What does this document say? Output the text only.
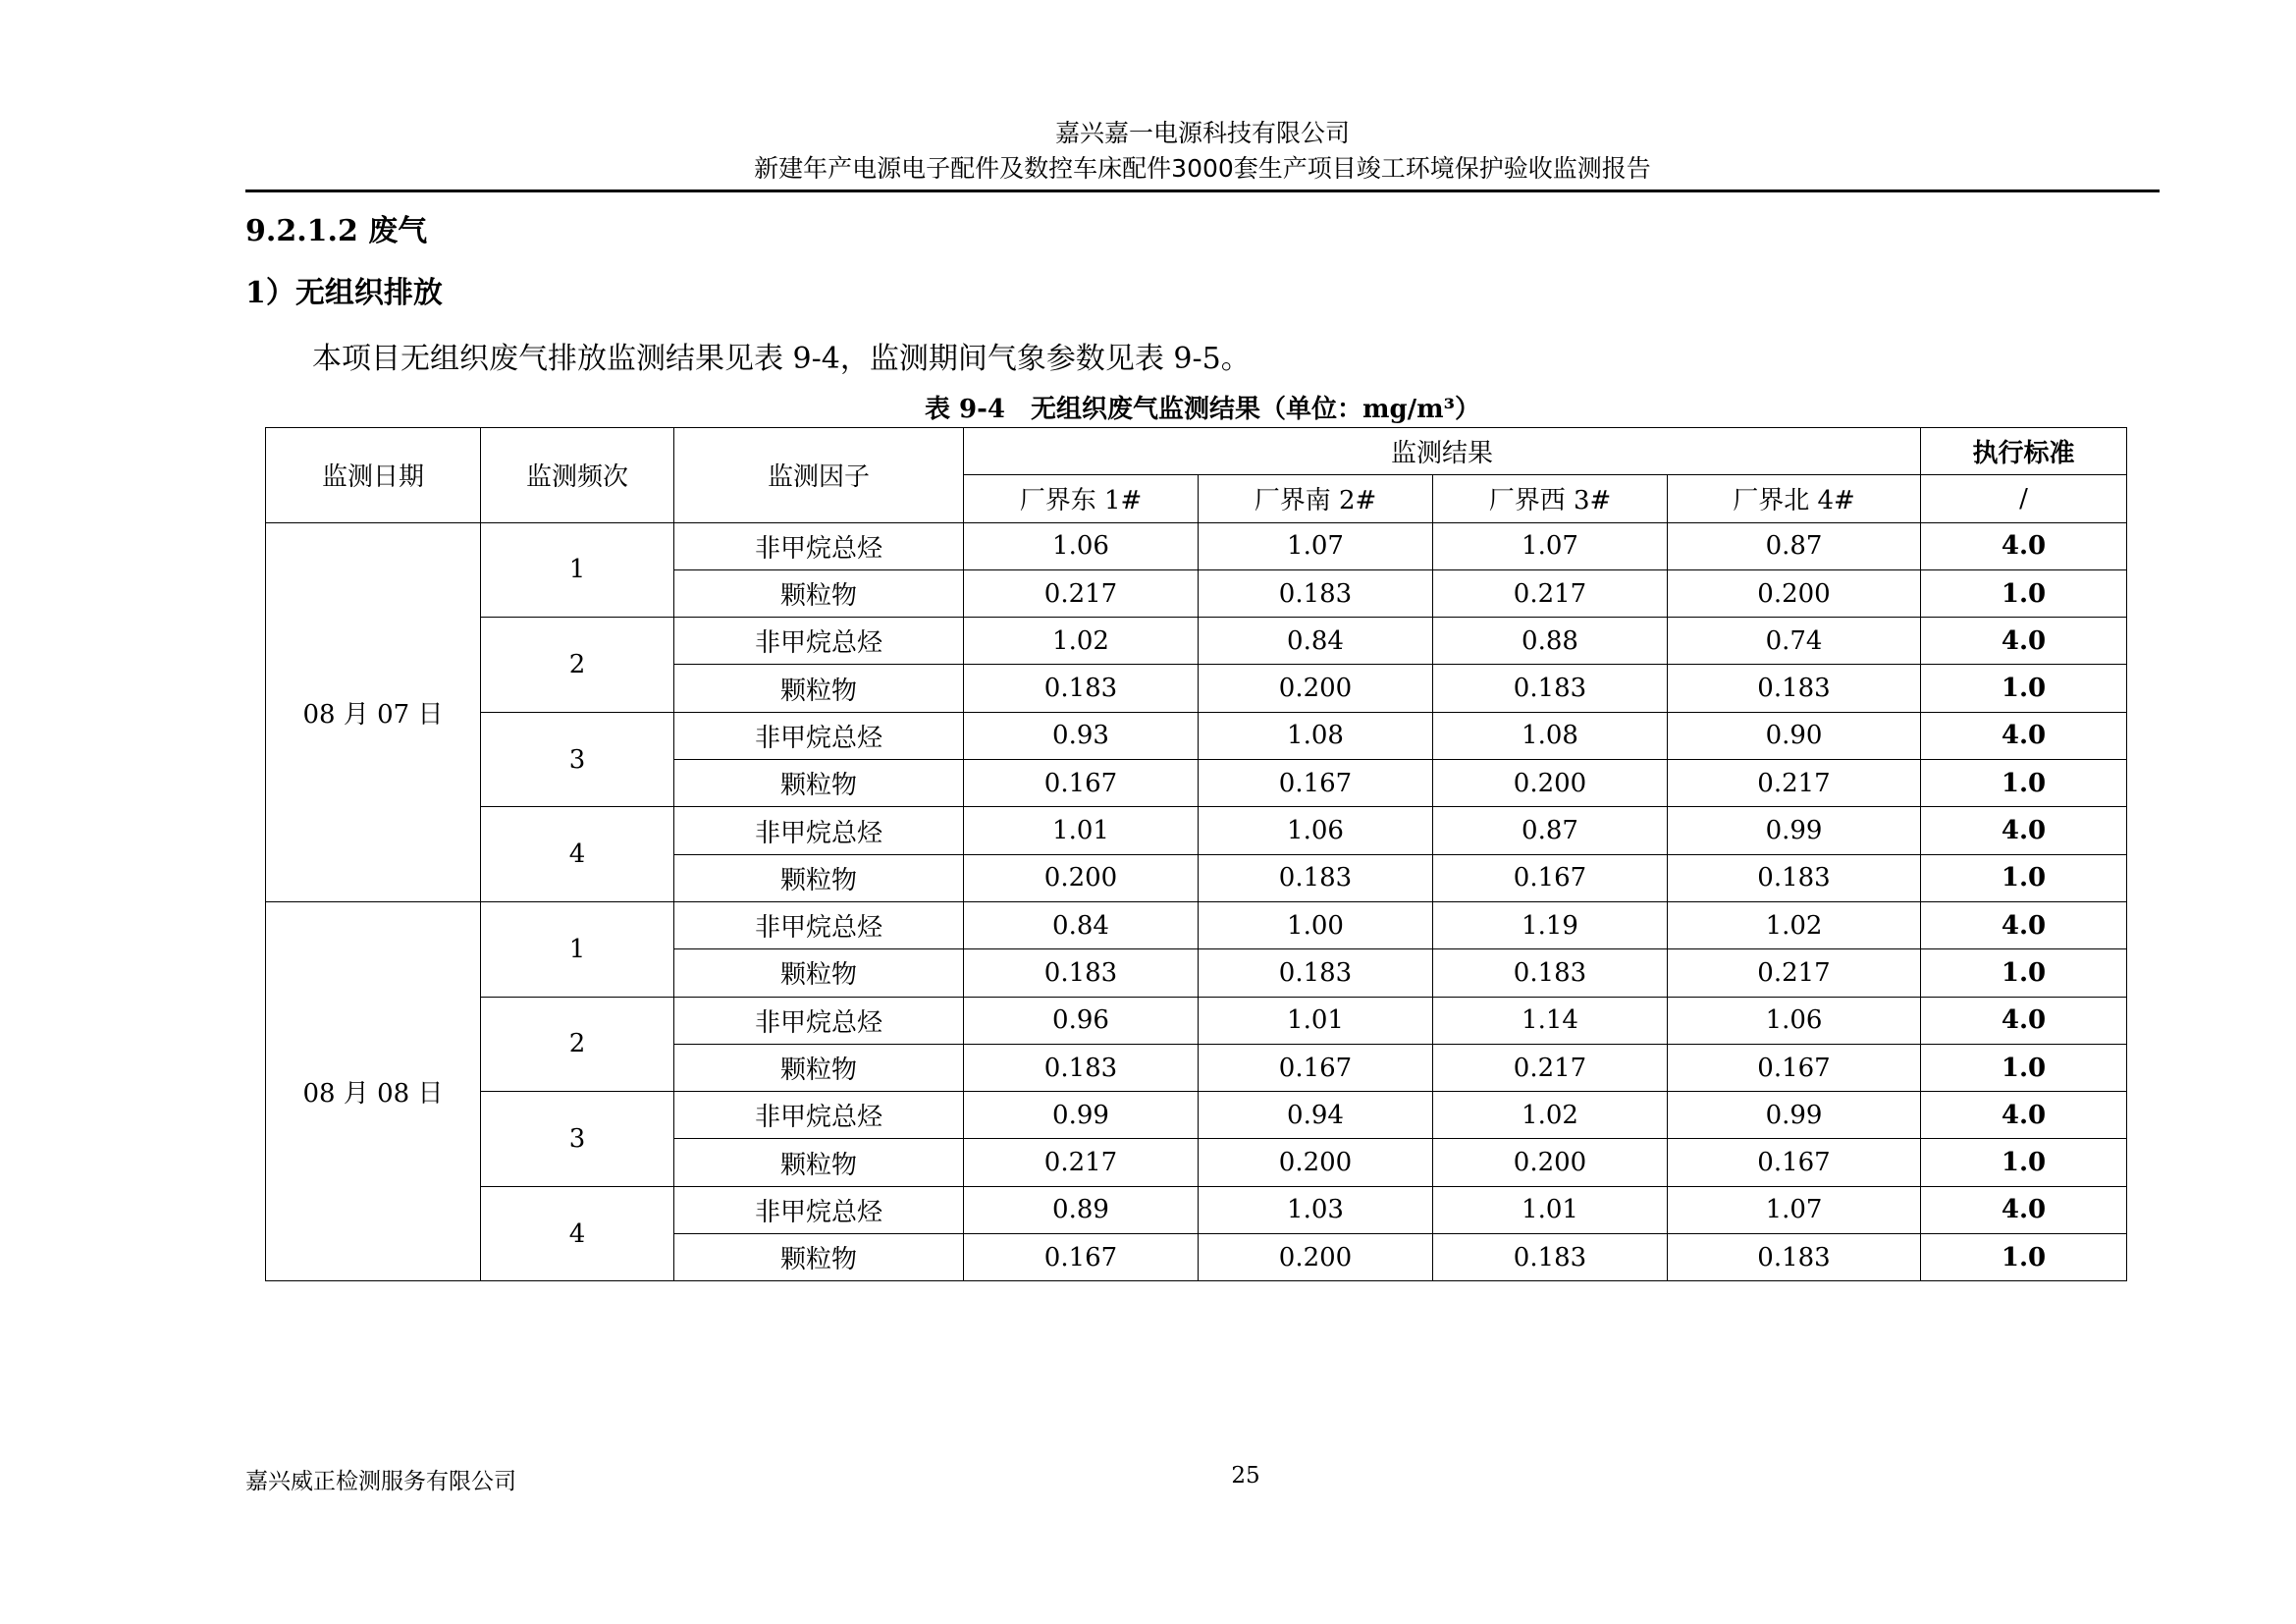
嘉兴嘉一电源科技有限公司
新建年产电源电子配件及数控车床配件3000套生产项目竣工环境保护验收监测报告
9.2.1.2 废气
1）无组织排放
本项目无组织废气排放监测结果见表 9-4，监测期间气象参数见表 9-5。
表 9-4　无组织废气监测结果（单位：mg/m³）
监测日期	监测频次	监测因子	监测结果				执行标准
			厂界东 1#	厂界南 2#	厂界西 3#	厂界北 4#	/
08 月 07 日	1	非甲烷总烃	1.06	1.07	1.07	0.87	4.0
		颗粒物	0.217	0.183	0.217	0.200	1.0
	2	非甲烷总烃	1.02	0.84	0.88	0.74	4.0
		颗粒物	0.183	0.200	0.183	0.183	1.0
	3	非甲烷总烃	0.93	1.08	1.08	0.90	4.0
		颗粒物	0.167	0.167	0.200	0.217	1.0
	4	非甲烷总烃	1.01	1.06	0.87	0.99	4.0
		颗粒物	0.200	0.183	0.167	0.183	1.0
08 月 08 日	1	非甲烷总烃	0.84	1.00	1.19	1.02	4.0
		颗粒物	0.183	0.183	0.183	0.217	1.0
	2	非甲烷总烃	0.96	1.01	1.14	1.06	4.0
		颗粒物	0.183	0.167	0.217	0.167	1.0
	3	非甲烷总烃	0.99	0.94	1.02	0.99	4.0
		颗粒物	0.217	0.200	0.200	0.167	1.0
	4	非甲烷总烃	0.89	1.03	1.01	1.07	4.0
		颗粒物	0.167	0.200	0.183	0.183	1.0
嘉兴威正检测服务有限公司	25
